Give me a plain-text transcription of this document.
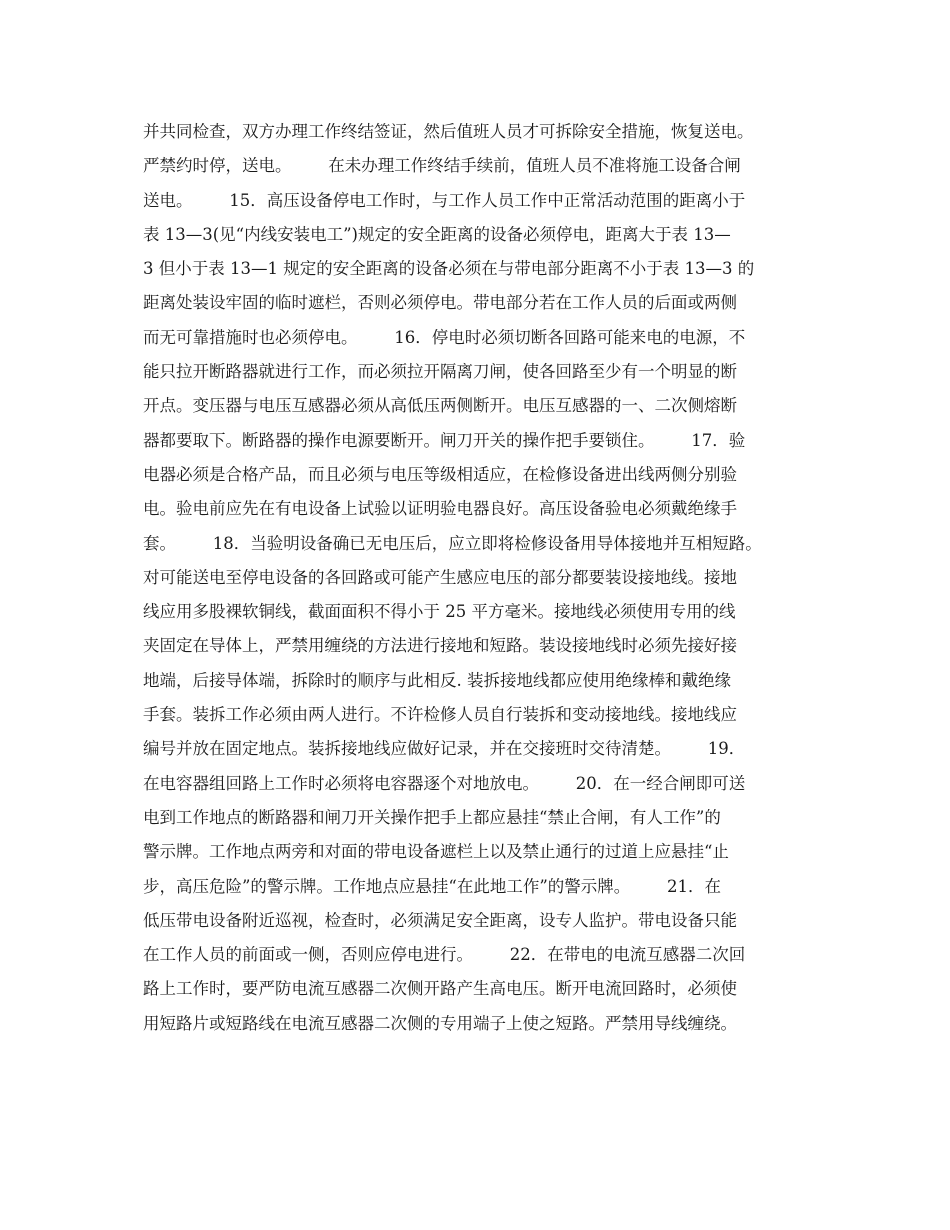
并共同检查，双方办理工作终结签证，然后值班人员才可拆除安全措施，恢复送电。
严禁约时停，送电。       在未办理工作终结手续前，值班人员不准将施工设备合闸
送电。       15．高压设备停电工作时，与工作人员工作中正常活动范围的距离小于
表 13—3(见“内线安装电工”)规定的安全距离的设备必须停电，距离大于表 13—
3 但小于表 13—1 规定的安全距离的设备必须在与带电部分距离不小于表 13—3 的
距离处装设牢固的临时遮栏，否则必须停电。带电部分若在工作人员的后面或两侧
而无可靠措施时也必须停电。       16．停电时必须切断各回路可能来电的电源，不
能只拉开断路器就进行工作，而必须拉开隔离刀闸，使各回路至少有一个明显的断
开点。变压器与电压互感器必须从高低压两侧断开。电压互感器的一、二次侧熔断
器都要取下。断路器的操作电源要断开。闸刀开关的操作把手要锁住。       17．验
电器必须是合格产品，而且必须与电压等级相适应，在检修设备进出线两侧分别验
电。验电前应先在有电设备上试验以证明验电器良好。高压设备验电必须戴绝缘手
套。       18．当验明设备确已无电压后，应立即将检修设备用导体接地并互相短路。
对可能送电至停电设备的各回路或可能产生感应电压的部分都要装设接地线。接地
线应用多股裸软铜线，截面面积不得小于 25 平方毫米。接地线必须使用专用的线
夹固定在导体上，严禁用缠绕的方法进行接地和短路。装设接地线时必须先接好接
地端，后接导体端，拆除时的顺序与此相反. 装拆接地线都应使用绝缘棒和戴绝缘
手套。装拆工作必须由两人进行。不许检修人员自行装拆和变动接地线。接地线应
编号并放在固定地点。装拆接地线应做好记录，并在交接班时交待清楚。       19．
在电容器组回路上工作时必须将电容器逐个对地放电。       20．在一经合闸即可送
电到工作地点的断路器和闸刀开关操作把手上都应悬挂“禁止合闸，有人工作”的
警示牌。工作地点两旁和对面的带电设备遮栏上以及禁止通行的过道上应悬挂“止
步，高压危险”的警示牌。工作地点应悬挂“在此地工作”的警示牌。       21．在
低压带电设备附近巡视，检查时，必须满足安全距离，设专人监护。带电设备只能
在工作人员的前面或一侧，否则应停电进行。       22．在带电的电流互感器二次回
路上工作时，要严防电流互感器二次侧开路产生高电压。断开电流回路时，必须使
用短路片或短路线在电流互感器二次侧的专用端子上使之短路。严禁用导线缠绕。
